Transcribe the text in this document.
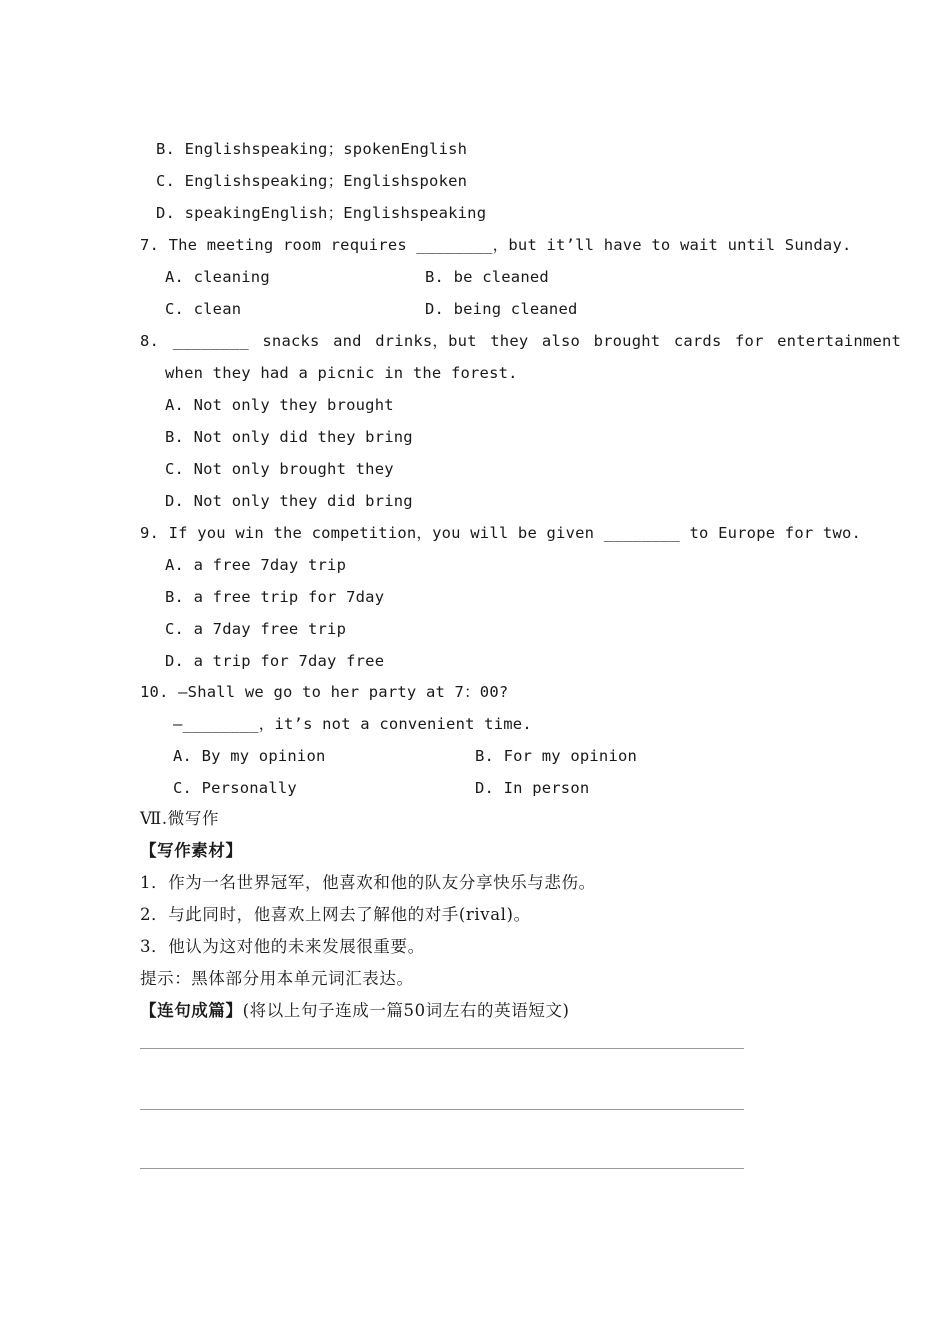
B. Englishspeaking；spokenEnglish
C. Englishspeaking；Englishspoken
D. speakingEnglish；Englishspeaking
7. The meeting room requires ________，but it’ll have to wait until Sunday.
A. cleaning	B. be cleaned
C. clean	D. being cleaned
8. ________ snacks and drinks，but they also brought cards for entertainment
when they had a picnic in the forest.
A. Not only they brought
B. Not only did they bring
C. Not only brought they
D. Not only they did bring
9. If you win the competition，you will be given ________ to Europe for two.
A. a free 7day trip
B. a free trip for 7day
C. a 7day free trip
D. a trip for 7day free
10. —Shall we go to her party at 7：00?
—________，it’s not a convenient time.
A. By my opinion	B. For my opinion
C. Personally	D. In person
Ⅶ.微写作
【写作素材】
1．作为一名世界冠军，他喜欢和他的队友分享快乐与悲伤。
2．与此同时，他喜欢上网去了解他的对手(rival)。
3．他认为这对他的未来发展很重要。
提示：黑体部分用本单元词汇表达。
【连句成篇】(将以上句子连成一篇50词左右的英语短文)
